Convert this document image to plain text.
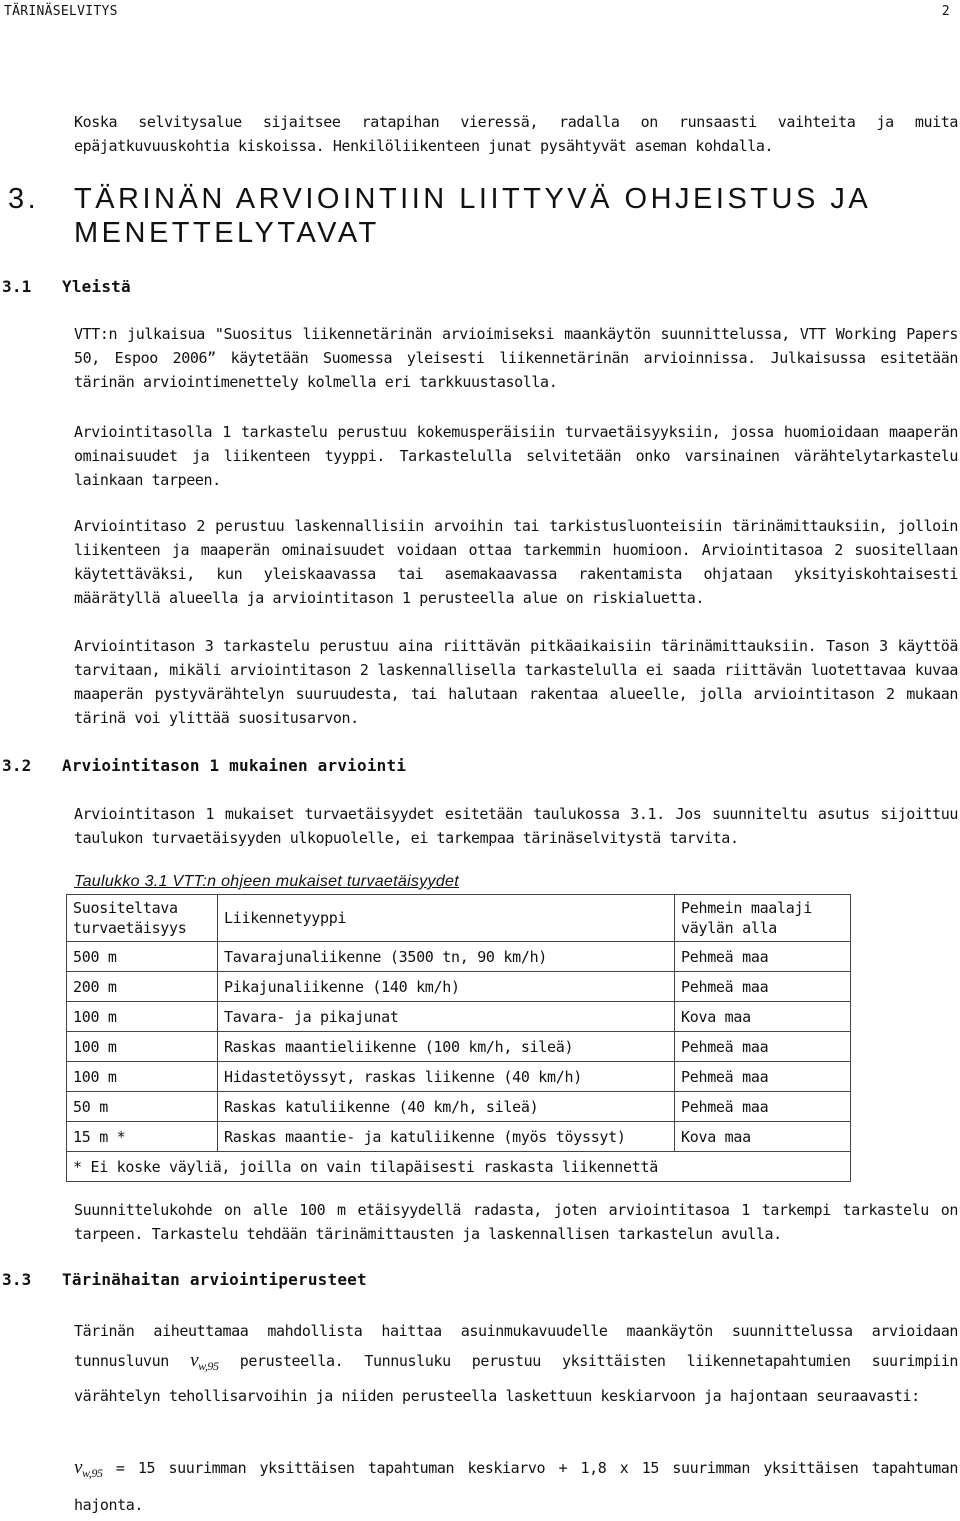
TÄRINÄSELVITYS	2

Koska selvitysalue sijaitsee ratapihan vieressä, radalla on runsaasti vaihteita ja muita epäjatkuvuuskohtia kiskoissa. Henkilöliikenteen junat pysähtyvät aseman kohdalla.

3.	TÄRINÄN ARVIOINTIIN LIITTYVÄ OHJEISTUS JA MENETTELYTAVAT
3.1 Yleistä

VTT:n julkaisua "Suositus liikennetärinän arvioimiseksi maankäytön suunnittelussa, VTT Working Papers 50, Espoo 2006” käytetään Suomessa yleisesti liikennetärinän arvioinnissa. Julkaisussa esitetään tärinän arviointimenettely kolmella eri tarkkuustasolla.

Arviointitasolla 1 tarkastelu perustuu kokemusperäisiin turvaetäisyyksiin, jossa huomioidaan maaperän ominaisuudet ja liikenteen tyyppi. Tarkastelulla selvitetään onko varsinainen värähtelytarkastelu lainkaan tarpeen.

Arviointitaso 2 perustuu laskennallisiin arvoihin tai tarkistusluonteisiin tärinämittauksiin, jolloin liikenteen ja maaperän ominaisuudet voidaan ottaa tarkemmin huomioon. Arviointitasoa 2 suositellaan käytettäväksi, kun yleiskaavassa tai asemakaavassa rakentamista ohjataan yksityiskohtaisesti määrätyllä alueella ja arviointitason 1 perusteella alue on riskialuetta.

Arviointitason 3 tarkastelu perustuu aina riittävän pitkäaikaisiin tärinämittauksiin. Tason 3 käyttöä tarvitaan, mikäli arviointitason 2 laskennallisella tarkastelulla ei saada riittävän luotettavaa kuvaa maaperän pystyvärähtelyn suuruudesta, tai halutaan rakentaa alueelle, jolla arviointitason 2 mukaan tärinä voi ylittää suositusarvon.

3.2 Arviointitason 1 mukainen arviointi

Arviointitason 1 mukaiset turvaetäisyydet esitetään taulukossa 3.1. Jos suunniteltu asutus sijoittuu taulukon turvaetäisyyden ulkopuolelle, ei tarkempaa tärinäselvitystä tarvita.

Taulukko 3.1 VTT:n ohjeen mukaiset turvaetäisyydet
Suositeltava turvaetäisyys	Liikennetyyppi	Pehmein maalaji väylän alla
500 m	Tavarajunaliikenne (3500 tn, 90 km/h)	Pehmeä maa
200 m	Pikajunaliikenne (140 km/h)	Pehmeä maa
100 m	Tavara- ja pikajunat	Kova maa
100 m	Raskas maantieliikenne (100 km/h, sileä)	Pehmeä maa
100 m	Hidastetöyssyt, raskas liikenne (40 km/h)	Pehmeä maa
50 m	Raskas katuliikenne (40 km/h, sileä)	Pehmeä maa
15 m *	Raskas maantie- ja katuliikenne (myös töyssyt)	Kova maa
* Ei koske väyliä, joilla on vain tilapäisesti raskasta liikennettä		

Suunnittelukohde on alle 100 m etäisyydellä radasta, joten arviointitasoa 1 tarkempi tarkastelu on tarpeen. Tarkastelu tehdään tärinämittausten ja laskennallisen tarkastelun avulla.

3.3 Tärinähaitan arviointiperusteet

Tärinän aiheuttamaa mahdollista haittaa asuinmukavuudelle maankäytön suunnittelussa arvioidaan tunnusluvun $v_{w,95}$ perusteella. Tunnusluku perustuu yksittäisten liikennetapahtumien suurimpiin värähtelyn tehollisarvoihin ja niiden perusteella laskettuun keskiarvoon ja hajontaan seuraavasti:

$v_{w,95} = 15$ suurimman yksittäisen tapahtuman keskiarvo + 1,8 x 15 suurimman yksittäisen tapahtuman hajonta.
